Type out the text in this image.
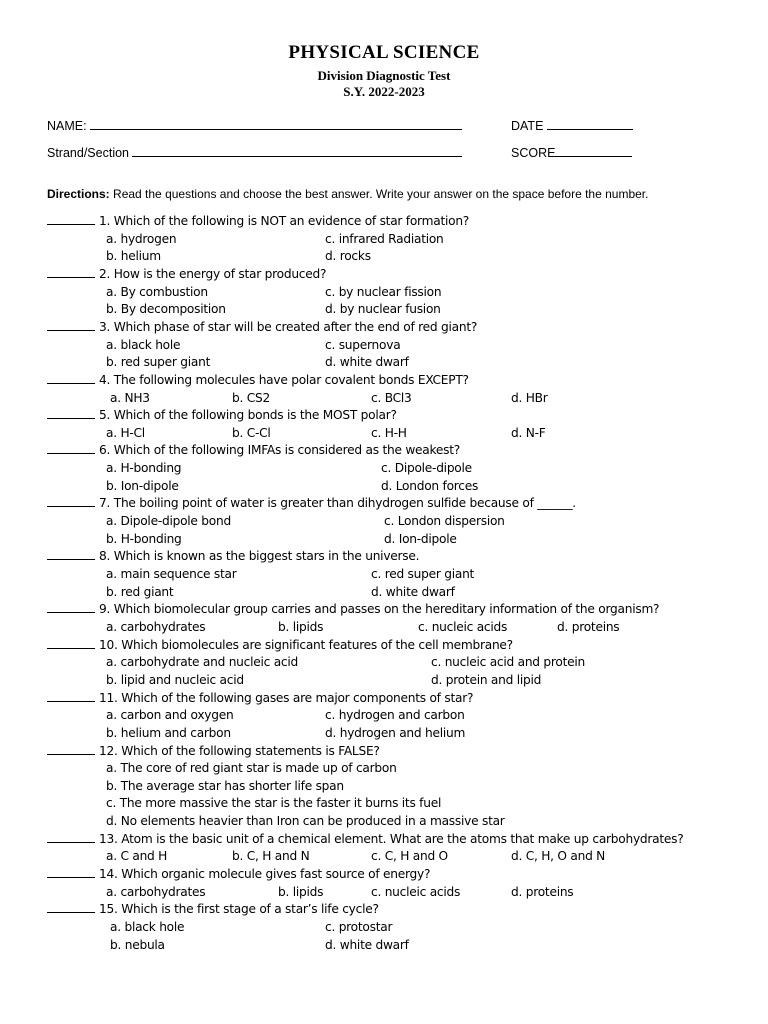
PHYSICAL SCIENCE
Division Diagnostic Test
S.Y. 2022-2023
NAME:	DATE
Strand/Section	SCORE
Directions: Read the questions and choose the best answer. Write your answer on the space before the number.
1. Which of the following is NOT an evidence of star formation?
a. hydrogen	c. infrared Radiation
b. helium	d. rocks
2. How is the energy of star produced?
a. By combustion	c. by nuclear fission
b. By decomposition	d. by nuclear fusion
3. Which phase of star will be created after the end of red giant?
a. black hole	c. supernova
b. red super giant	d. white dwarf
4. The following molecules have polar covalent bonds EXCEPT?
a. NH3	b. CS2	c. BCl3	d. HBr
5. Which of the following bonds is the MOST polar?
a. H-Cl	b. C-Cl	c. H-H	d. N-F
6. Which of the following IMFAs is considered as the weakest?
a. H-bonding	c. Dipole-dipole
b. Ion-dipole	d. London forces
7. The boiling point of water is greater than dihydrogen sulfide because of ______.
a. Dipole-dipole bond	c. London dispersion
b. H-bonding	d. Ion-dipole
8. Which is known as the biggest stars in the universe.
a. main sequence star	c. red super giant
b. red giant	d. white dwarf
9. Which biomolecular group carries and passes on the hereditary information of the organism?
a. carbohydrates	b. lipids	c. nucleic acids	d. proteins
10. Which biomolecules are significant features of the cell membrane?
a. carbohydrate and nucleic acid	c. nucleic acid and protein
b. lipid and nucleic acid	d. protein and lipid
11. Which of the following gases are major components of star?
a. carbon and oxygen	c. hydrogen and carbon
b. helium and carbon	d. hydrogen and helium
12. Which of the following statements is FALSE?
a. The core of red giant star is made up of carbon
b. The average star has shorter life span
c. The more massive the star is the faster it burns its fuel
d. No elements heavier than Iron can be produced in a massive star
13. Atom is the basic unit of a chemical element. What are the atoms that make up carbohydrates?
a. C and H	b. C, H and N	c. C, H and O	d. C, H, O and N
14. Which organic molecule gives fast source of energy?
a. carbohydrates	b. lipids	c. nucleic acids	d. proteins
15. Which is the first stage of a star’s life cycle?
a. black hole	c. protostar
b. nebula	d. white dwarf
